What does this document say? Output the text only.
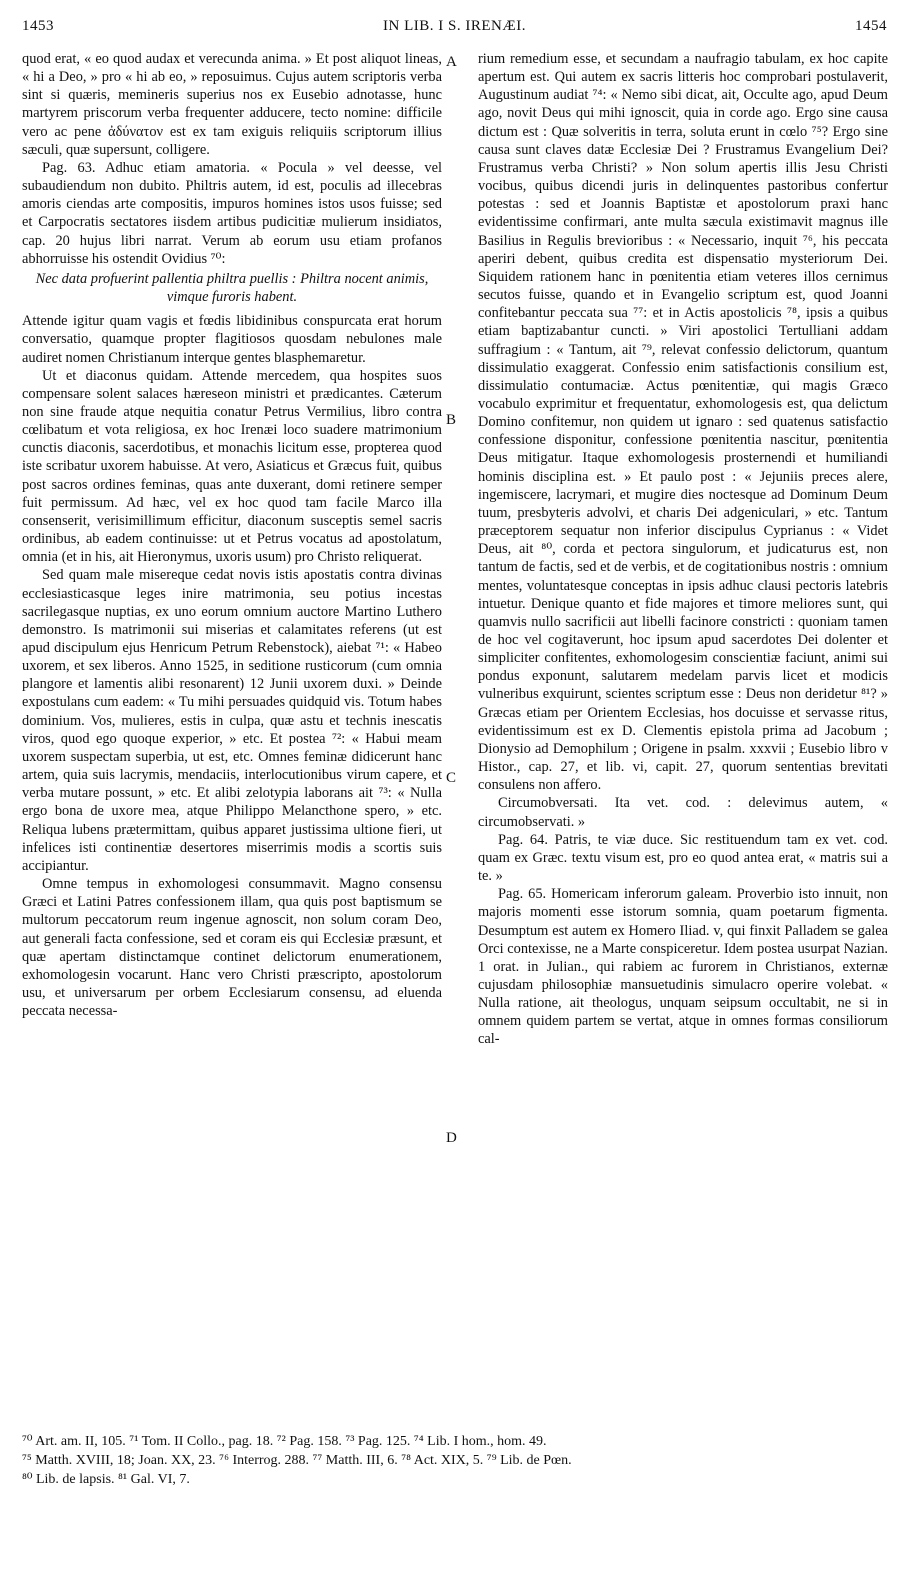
1453	IN LIB. I S. IRENÆI.	1454
A
B
C
D

quod erat, « eo quod audax et verecunda anima. » Et post aliquot lineas, « hi a Deo, » pro « hi ab eo, » reposuimus. Cujus autem scriptoris verba sint si quæris, memineris superius nos ex Eusebio adnotasse, hunc martyrem priscorum verba frequenter adducere, tecto nomine: difficile vero ac pene ἀδύνατον est ex tam exiguis reliquiis scriptorum illius sæculi, quæ supersunt, colligere.

Pag. 63. Adhuc etiam amatoria. « Pocula » vel deesse, vel subaudiendum non dubito. Philtris autem, id est, poculis ad illecebras amoris ciendas arte compositis, impuros homines istos usos fuisse; sed et Carpocratis sectatores iisdem artibus pudicitiæ mulierum insidiatos, cap. 20 hujus libri narrat. Verum ab eorum usu etiam profanos abhorruisse his ostendit Ovidius ⁷⁰:

Nec data profuerint pallentia philtra puellis : Philtra nocent animis, vimque furoris habent.

Attende igitur quam vagis et fœdis libidinibus conspurcata erat horum conversatio, quamque propter flagitiosos quosdam nebulones male audiret nomen Christianum interque gentes blasphemaretur.

Ut et diaconus quidam. Attende mercedem, qua hospites suos compensare solent salaces hæreseon ministri et prædicantes. Cæterum non sine fraude atque nequitia conatur Petrus Vermilius, libro contra cœlibatum et vota religiosa, ex hoc Irenæi loco suadere matrimonium cunctis diaconis, sacerdotibus, et monachis licitum esse, propterea quod iste scribatur uxorem habuisse. At vero, Asiaticus et Græcus fuit, quibus post sacros ordines feminas, quas ante duxerant, domi retinere semper fuit permissum. Ad hæc, vel ex hoc quod tam facile Marco illa consenserit, verisimillimum efficitur, diaconum susceptis semel sacris ordinibus, ab eadem continuisse: ut et Petrus vocatus ad apostolatum, omnia (et in his, ait Hieronymus, uxoris usum) pro Christo reliquerat.

Sed quam male misereque cedat novis istis apostatis contra divinas ecclesiasticasque leges inire matrimonia, seu potius incestas sacrilegasque nuptias, ex uno eorum omnium auctore Martino Luthero demonstro. Is matrimonii sui miserias et calamitates referens (ut est apud discipulum ejus Henricum Petrum Rebenstock), aiebat ⁷¹: « Habeo uxorem, et sex liberos. Anno 1525, in seditione rusticorum (cum omnia plangore et lamentis alibi resonarent) 12 Junii uxorem duxi. » Deinde expostulans cum eadem: « Tu mihi persuades quidquid vis. Totum habes dominium. Vos, mulieres, estis in culpa, quæ astu et technis inescatis viros, quod ego quoque experior, » etc. Et postea ⁷²: « Habui meam uxorem suspectam superbia, ut est, etc. Omnes feminæ didicerunt hanc artem, quia suis lacrymis, mendaciis, interlocutionibus virum capere, et verba mutare possunt, » etc. Et alibi zelotypia laborans ait ⁷³: « Nulla ergo bona de uxore mea, atque Philippo Melancthone spero, » etc. Reliqua lubens prætermittam, quibus apparet justissima ultione fieri, ut infelices isti continentiæ desertores miserrimis modis a scortis suis accipiantur.

Omne tempus in exhomologesi consummavit. Magno consensu Græci et Latini Patres confessionem illam, qua quis post baptismum se multorum peccatorum reum ingenue agnoscit, non solum coram Deo, aut generali facta confessione, sed et coram eis qui Ecclesiæ præsunt, et quæ apertam distinctamque continet delictorum enumerationem, exhomologesin vocarunt. Hanc vero Christi præscripto, apostolorum usu, et universarum per orbem Ecclesiarum consensu, ad eluenda peccata necessa-

rium remedium esse, et secundam a naufragio tabulam, ex hoc capite apertum est. Qui autem ex sacris litteris hoc comprobari postulaverit, Augustinum audiat ⁷⁴: « Nemo sibi dicat, ait, Occulte ago, apud Deum ago, novit Deus qui mihi ignoscit, quia in corde ago. Ergo sine causa dictum est : Quæ solveritis in terra, soluta erunt in cœlo ⁷⁵? Ergo sine causa sunt claves datæ Ecclesiæ Dei ? Frustramus Evangelium Dei? Frustramus verba Christi? » Non solum apertis illis Jesu Christi vocibus, quibus dicendi juris in delinquentes pastoribus confertur potestas : sed et Joannis Baptistæ et apostolorum praxi hanc evidentissime confirmari, ante multa sæcula existimavit magnus ille Basilius in Regulis brevioribus : « Necessario, inquit ⁷⁶, his peccata aperiri debent, quibus credita est dispensatio mysteriorum Dei. Siquidem rationem hanc in pœnitentia etiam veteres illos cernimus secutos fuisse, quando et in Evangelio scriptum est, quod Joanni confitebantur peccata sua ⁷⁷: et in Actis apostolicis ⁷⁸, ipsis a quibus etiam baptizabantur cuncti. » Viri apostolici Tertulliani addam suffragium : « Tantum, ait ⁷⁹, relevat confessio delictorum, quantum dissimulatio exaggerat. Confessio enim satisfactionis consilium est, dissimulatio contumaciæ. Actus pœnitentiæ, qui magis Græco vocabulo exprimitur et frequentatur, exhomologesis est, qua delictum Domino confitemur, non quidem ut ignaro : sed quatenus satisfactio confessione disponitur, confessione pœnitentia nascitur, pœnitentia Deus mitigatur. Itaque exhomologesis prosternendi et humiliandi hominis disciplina est. » Et paulo post : « Jejuniis preces alere, ingemiscere, lacrymari, et mugire dies noctesque ad Dominum Deum tuum, presbyteris advolvi, et charis Dei adgeniculari, » etc. Tantum præceptorem sequatur non inferior discipulus Cyprianus : « Videt Deus, ait ⁸⁰, corda et pectora singulorum, et judicaturus est, non tantum de factis, sed et de verbis, et de cogitationibus nostris : omnium mentes, voluntatesque conceptas in ipsis adhuc clausi pectoris latebris intuetur. Denique quanto et fide majores et timore meliores sunt, qui quamvis nullo sacrificii aut libelli facinore constricti : quoniam tamen de hoc vel cogitaverunt, hoc ipsum apud sacerdotes Dei dolenter et simpliciter confitentes, exhomologesim conscientiæ faciunt, animi sui pondus exponunt, salutarem medelam parvis licet et modicis vulneribus exquirunt, scientes scriptum esse : Deus non deridetur ⁸¹? » Græcas etiam per Orientem Ecclesias, hos docuisse et servasse ritus, evidentissimum est ex D. Clementis epistola prima ad Jacobum ; Dionysio ad Demophilum ; Origene in psalm. xxxvii ; Eusebio libro v Histor., cap. 27, et lib. vi, capit. 27, quorum sententias brevitati consulens non affero.

Circumobversati. Ita vet. cod. : delevimus autem, « circumobservati. »

Pag. 64. Patris, te viæ duce. Sic restituendum tam ex vet. cod. quam ex Græc. textu visum est, pro eo quod antea erat, « matris sui a te. »

Pag. 65. Homericam inferorum galeam. Proverbio isto innuit, non majoris momenti esse istorum somnia, quam poetarum figmenta. Desumptum est autem ex Homero Iliad. v, qui finxit Palladem se galea Orci contexisse, ne a Marte conspiceretur. Idem postea usurpat Nazian. 1 orat. in Julian., qui rabiem ac furorem in Christianos, externæ cujusdam philosophiæ mansuetudinis simulacro operire volebat. « Nulla ratione, ait theologus, unquam seipsum occultabit, ne si in omnem quidem partem se vertat, atque in omnes formas consiliorum cal-

⁷⁰ Art. am. II, 105. ⁷¹ Tom. II Collo., pag. 18. ⁷² Pag. 158. ⁷³ Pag. 125. ⁷⁴ Lib. I hom., hom. 49.

⁷⁵ Matth. XVIII, 18; Joan. XX, 23. ⁷⁶ Interrog. 288. ⁷⁷ Matth. III, 6. ⁷⁸ Act. XIX, 5. ⁷⁹ Lib. de Pœn.

⁸⁰ Lib. de lapsis. ⁸¹ Gal. VI, 7.
